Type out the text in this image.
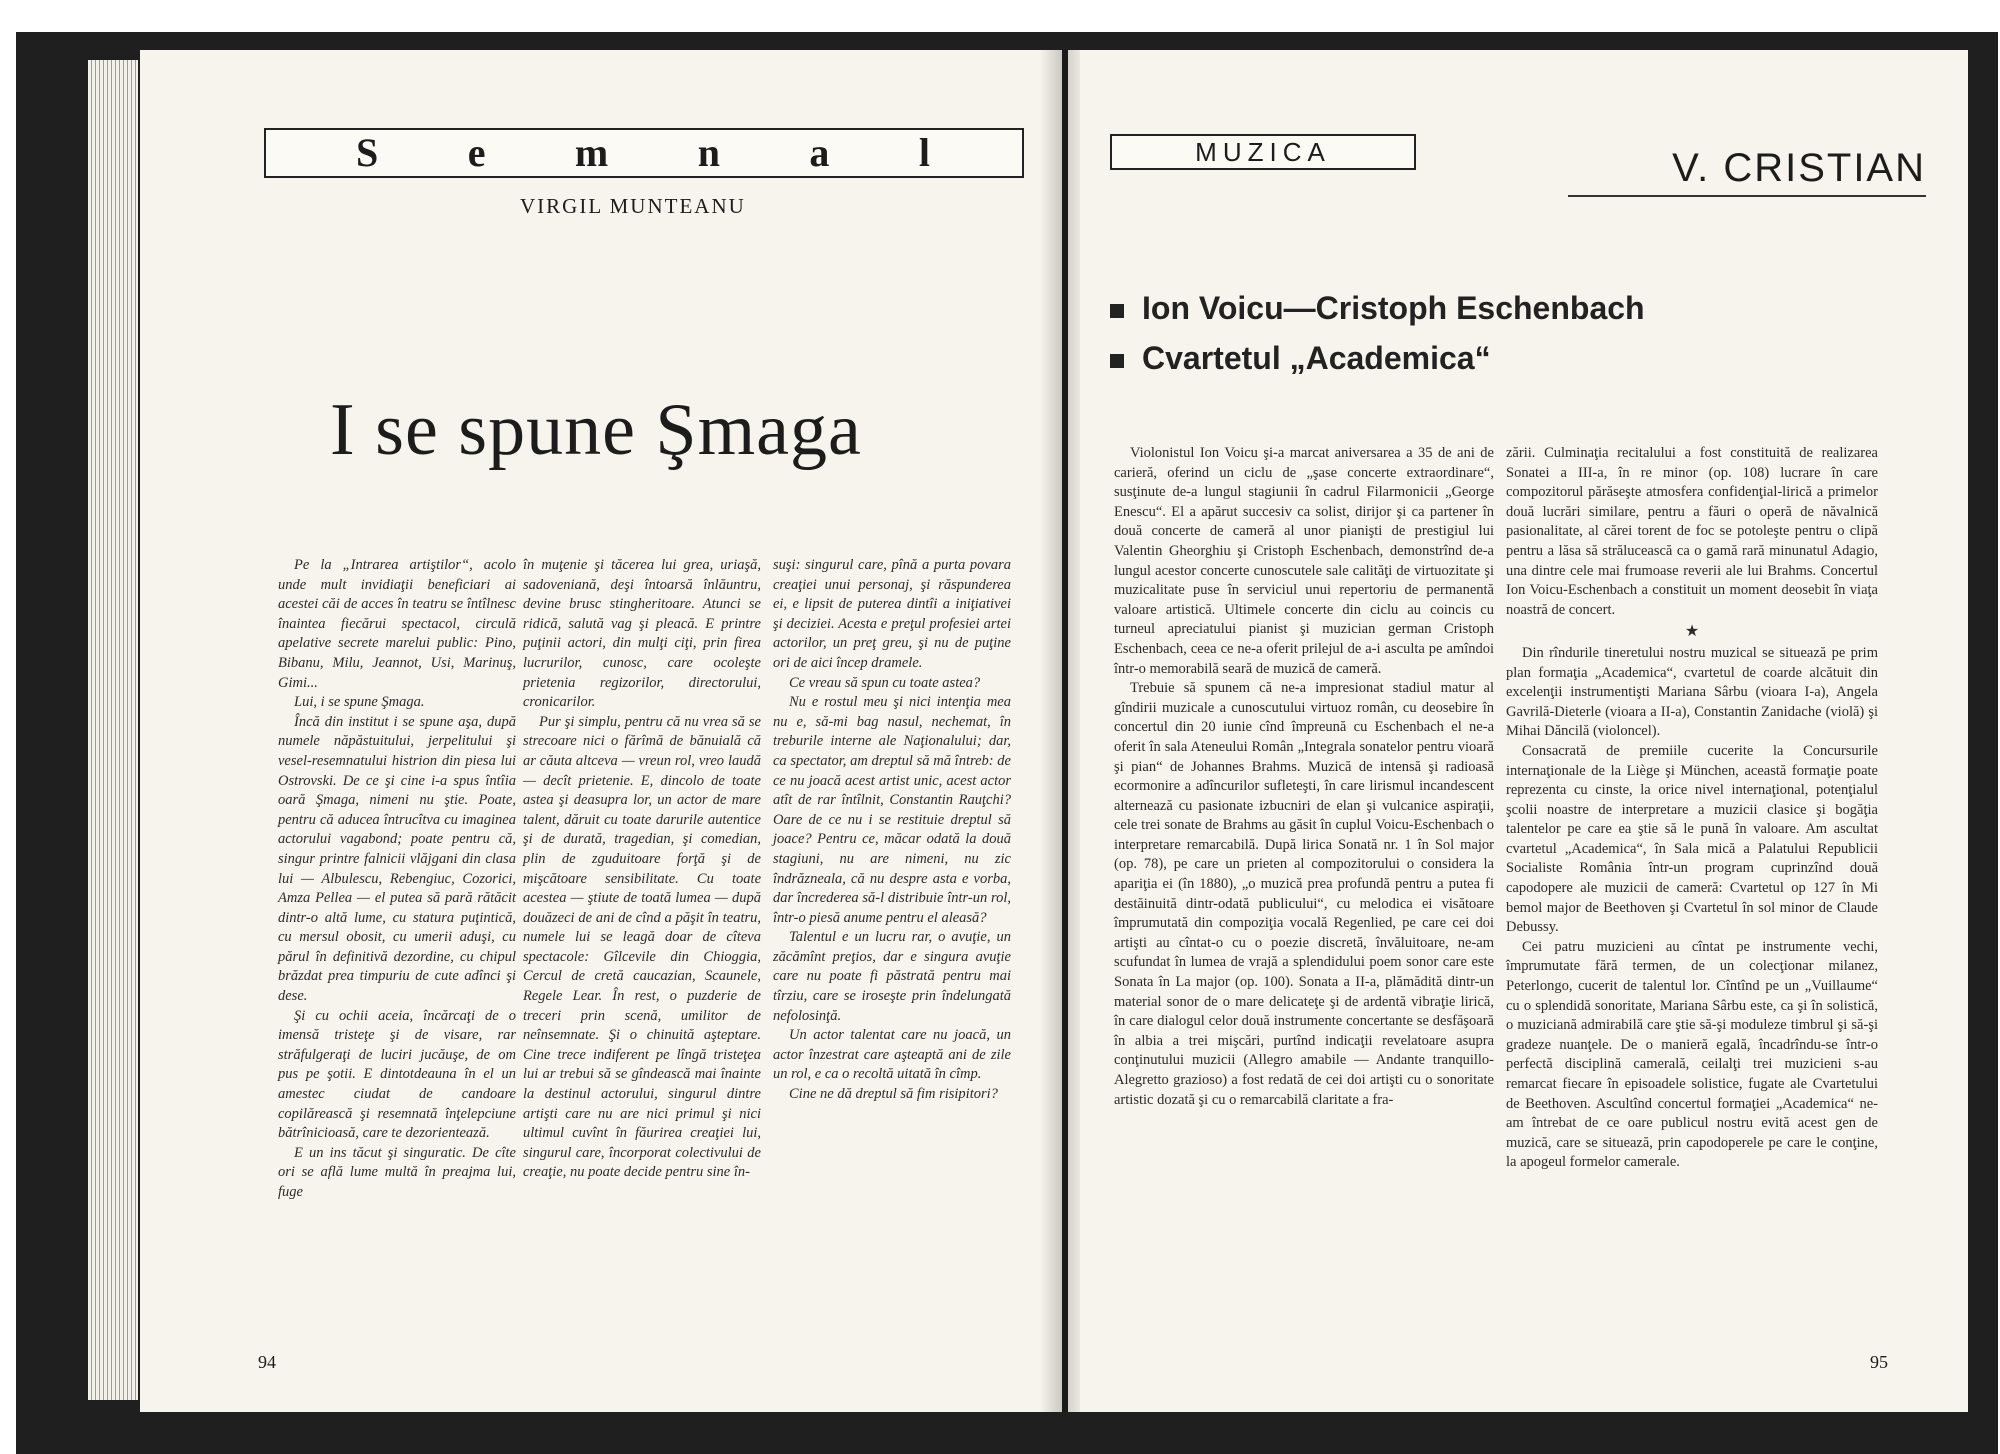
S e m n a l
VIRGIL MUNTEANU
I se spune Şmaga

Pe la „Intrarea artiştilor“, acolo unde mult invidiaţii beneficiari ai acestei căi de acces în teatru se întîlnesc înaintea fiecărui spectacol, circulă apelative secrete marelui public: Pino, Bibanu, Milu, Jeannot, Usi, Marinuş, Gimi...

Lui, i se spune Şmaga.

Încă din institut i se spune aşa, după numele năpăstuitului, jerpelitului şi vesel-resemnatului histrion din piesa lui Ostrovski. De ce şi cine i-a spus întîia oară Şmaga, nimeni nu ştie. Poate, pentru că aducea întrucîtva cu imaginea actorului vagabond; poate pentru că, singur printre falnicii vlăjgani din clasa lui — Albulescu, Rebengiuc, Cozorici, Amza Pellea — el putea să pară rătăcit dintr-o altă lume, cu statura puţintică, cu mersul obosit, cu umerii aduşi, cu părul în definitivă dezordine, cu chipul brăzdat prea timpuriu de cute adînci şi dese.

Şi cu ochii aceia, încărcaţi de o imensă tristeţe şi de visare, rar străfulgeraţi de luciri jucăuşe, de om pus pe şotii. E dintotdeauna în el un amestec ciudat de candoare copilărească şi resemnată înţelepciune bătrînicioasă, care te dezorientează.

E un ins tăcut şi singuratic. De cîte ori se află lume multă în preajma lui, fuge

în muţenie şi tăcerea lui grea, uriaşă, sadoveniană, deşi întoarsă înlăuntru, devine brusc stingheritoare. Atunci se ridică, salută vag şi pleacă. E printre puţinii actori, din mulţi ciţi, prin firea lucrurilor, cunosc, care ocoleşte prietenia regizorilor, directorului, cronicarilor.

Pur şi simplu, pentru că nu vrea să se strecoare nici o fărîmă de bănuială că ar căuta altceva — vreun rol, vreo laudă — decît prietenie. E, dincolo de toate astea şi deasupra lor, un actor de mare talent, dăruit cu toate darurile autentice şi de durată, tragedian, şi comedian, plin de zguduitoare forţă şi de mişcătoare sensibilitate. Cu toate acestea — ştiute de toată lumea — după douăzeci de ani de cînd a păşit în teatru, numele lui se leagă doar de cîteva spectacole: Gîlcevile din Chioggia, Cercul de cretă caucazian, Scaunele, Regele Lear. În rest, o puzderie de treceri prin scenă, umilitor de neînsemnate. Şi o chinuită aşteptare. Cine trece indiferent pe lîngă tristeţea lui ar trebui să se gîndească mai înainte la destinul actorului, singurul dintre artişti care nu are nici primul şi nici ultimul cuvînt în făurirea creaţiei lui, singurul care, încorporat colectivului de creaţie, nu poate decide pentru sine în-

suşi: singurul care, pînă a purta povara creaţiei unui personaj, şi răspunderea ei, e lipsit de puterea dintîi a iniţiativei şi deciziei. Acesta e preţul profesiei artei actorilor, un preţ greu, şi nu de puţine ori de aici încep dramele.

Ce vreau să spun cu toate astea?

Nu e rostul meu şi nici intenţia mea nu e, să-mi bag nasul, nechemat, în treburile interne ale Naţionalului; dar, ca spectator, am dreptul să mă întreb: de ce nu joacă acest artist unic, acest actor atît de rar întîlnit, Constantin Rauţchi? Oare de ce nu i se restituie dreptul să joace? Pentru ce, măcar odată la două stagiuni, nu are nimeni, nu zic îndrăzneala, că nu despre asta e vorba, dar încrederea să-l distribuie într-un rol, într-o piesă anume pentru el aleasă?

Talentul e un lucru rar, o avuţie, un zăcămînt preţios, dar e singura avuţie care nu poate fi păstrată pentru mai tîrziu, care se iroseşte prin îndelungată nefolosinţă.

Un actor talentat care nu joacă, un actor înzestrat care aşteaptă ani de zile un rol, e ca o recoltă uitată în cîmp.

Cine ne dă dreptul să fim risipitori?

94
MUZICA	V. CRISTIAN
Ion Voicu—Cristoph Eschenbach
Cvartetul „Academica“

Violonistul Ion Voicu şi-a marcat aniversarea a 35 de ani de carieră, oferind un ciclu de „şase concerte extraordinare“, susţinute de-a lungul stagiunii în cadrul Filarmonicii „George Enescu“. El a apărut succesiv ca solist, dirijor şi ca partener în două concerte de cameră al unor pianişti de prestigiul lui Valentin Gheorghiu şi Cristoph Eschenbach, demonstrînd de-a lungul acestor concerte cunoscutele sale calităţi de virtuozitate şi muzicalitate puse în serviciul unui repertoriu de permanentă valoare artistică. Ultimele concerte din ciclu au coincis cu turneul apreciatului pianist şi muzician german Cristoph Eschenbach, ceea ce ne-a oferit prilejul de a-i asculta pe amîndoi într-o memorabilă seară de muzică de cameră.

Trebuie să spunem că ne-a impresionat stadiul matur al gîndirii muzicale a cunoscutului virtuoz român, cu deosebire în concertul din 20 iunie cînd împreună cu Eschenbach el ne-a oferit în sala Ateneului Român „Integrala sonatelor pentru vioară şi pian“ de Johannes Brahms. Muzică de intensă şi radioasă ecormonire a adîncurilor sufleteşti, în care lirismul incandescent alternează cu pasionate izbucniri de elan şi vulcanice aspiraţii, cele trei sonate de Brahms au găsit în cuplul Voicu-Eschenbach o interpretare remarcabilă. După lirica Sonată nr. 1 în Sol major (op. 78), pe care un prieten al compozitorului o considera la apariţia ei (în 1880), „o muzică prea profundă pentru a putea fi destăinuită dintr-odată publicului“, cu melodica ei visătoare împrumutată din compoziţia vocală Regenlied, pe care cei doi artişti au cîntat-o cu o poezie discretă, învăluitoare, ne-am scufundat în lumea de vrajă a splendidului poem sonor care este Sonata în La major (op. 100). Sonata a II-a, plămădită dintr-un material sonor de o mare delicateţe şi de ardentă vibraţie lirică, în care dialogul celor două instrumente concertante se desfăşoară în albia a trei mişcări, purtînd indicaţii revelatoare asupra conţinutului muzicii (Allegro amabile — Andante tranquillo-Alegretto grazioso) a fost redată de cei doi artişti cu o sonoritate artistic dozată şi cu o remarcabilă claritate a fra-

zării. Culminaţia recitalului a fost constituită de realizarea Sonatei a III-a, în re minor (op. 108) lucrare în care compozitorul părăseşte atmosfera confidenţial-lirică a primelor două lucrări similare, pentru a făuri o operă de năvalnică pasionalitate, al cărei torent de foc se potoleşte pentru o clipă pentru a lăsa să strălucească ca o gamă rară minunatul Adagio, una dintre cele mai frumoase reverii ale lui Brahms. Concertul Ion Voicu-Eschenbach a constituit un moment deosebit în viaţa noastră de concert.

★

Din rîndurile tineretului nostru muzical se situează pe prim plan formaţia „Academica“, cvartetul de coarde alcătuit din excelenţii instrumentişti Mariana Sârbu (vioara I-a), Angela Gavrilă-Dieterle (vioara a II-a), Constantin Zanidache (violă) şi Mihai Dăncilă (violoncel).

Consacrată de premiile cucerite la Concursurile internaţionale de la Liège şi München, această formaţie poate reprezenta cu cinste, la orice nivel internaţional, potenţialul şcolii noastre de interpretare a muzicii clasice şi bogăţia talentelor pe care ea ştie să le pună în valoare. Am ascultat cvartetul „Academica“, în Sala mică a Palatului Republicii Socialiste România într-un program cuprinzînd două capodopere ale muzicii de cameră: Cvartetul op 127 în Mi bemol major de Beethoven şi Cvartetul în sol minor de Claude Debussy.

Cei patru muzicieni au cîntat pe instrumente vechi, împrumutate fără termen, de un colecţionar milanez, Peterlongo, cucerit de talentul lor. Cîntînd pe un „Vuillaume“ cu o splendidă sonoritate, Mariana Sârbu este, ca şi în solistică, o muziciană admirabilă care ştie să-şi moduleze timbrul şi să-şi gradeze nuanţele. De o manieră egală, încadrîndu-se într-o perfectă disciplină camerală, ceilalţi trei muzicieni s-au remarcat fiecare în episoadele solistice, fugate ale Cvartetului de Beethoven. Ascultînd concertul formaţiei „Academica“ ne-am întrebat de ce oare publicul nostru evită acest gen de muzică, care se situează, prin capodoperele pe care le conţine, la apogeul formelor camerale.

95
